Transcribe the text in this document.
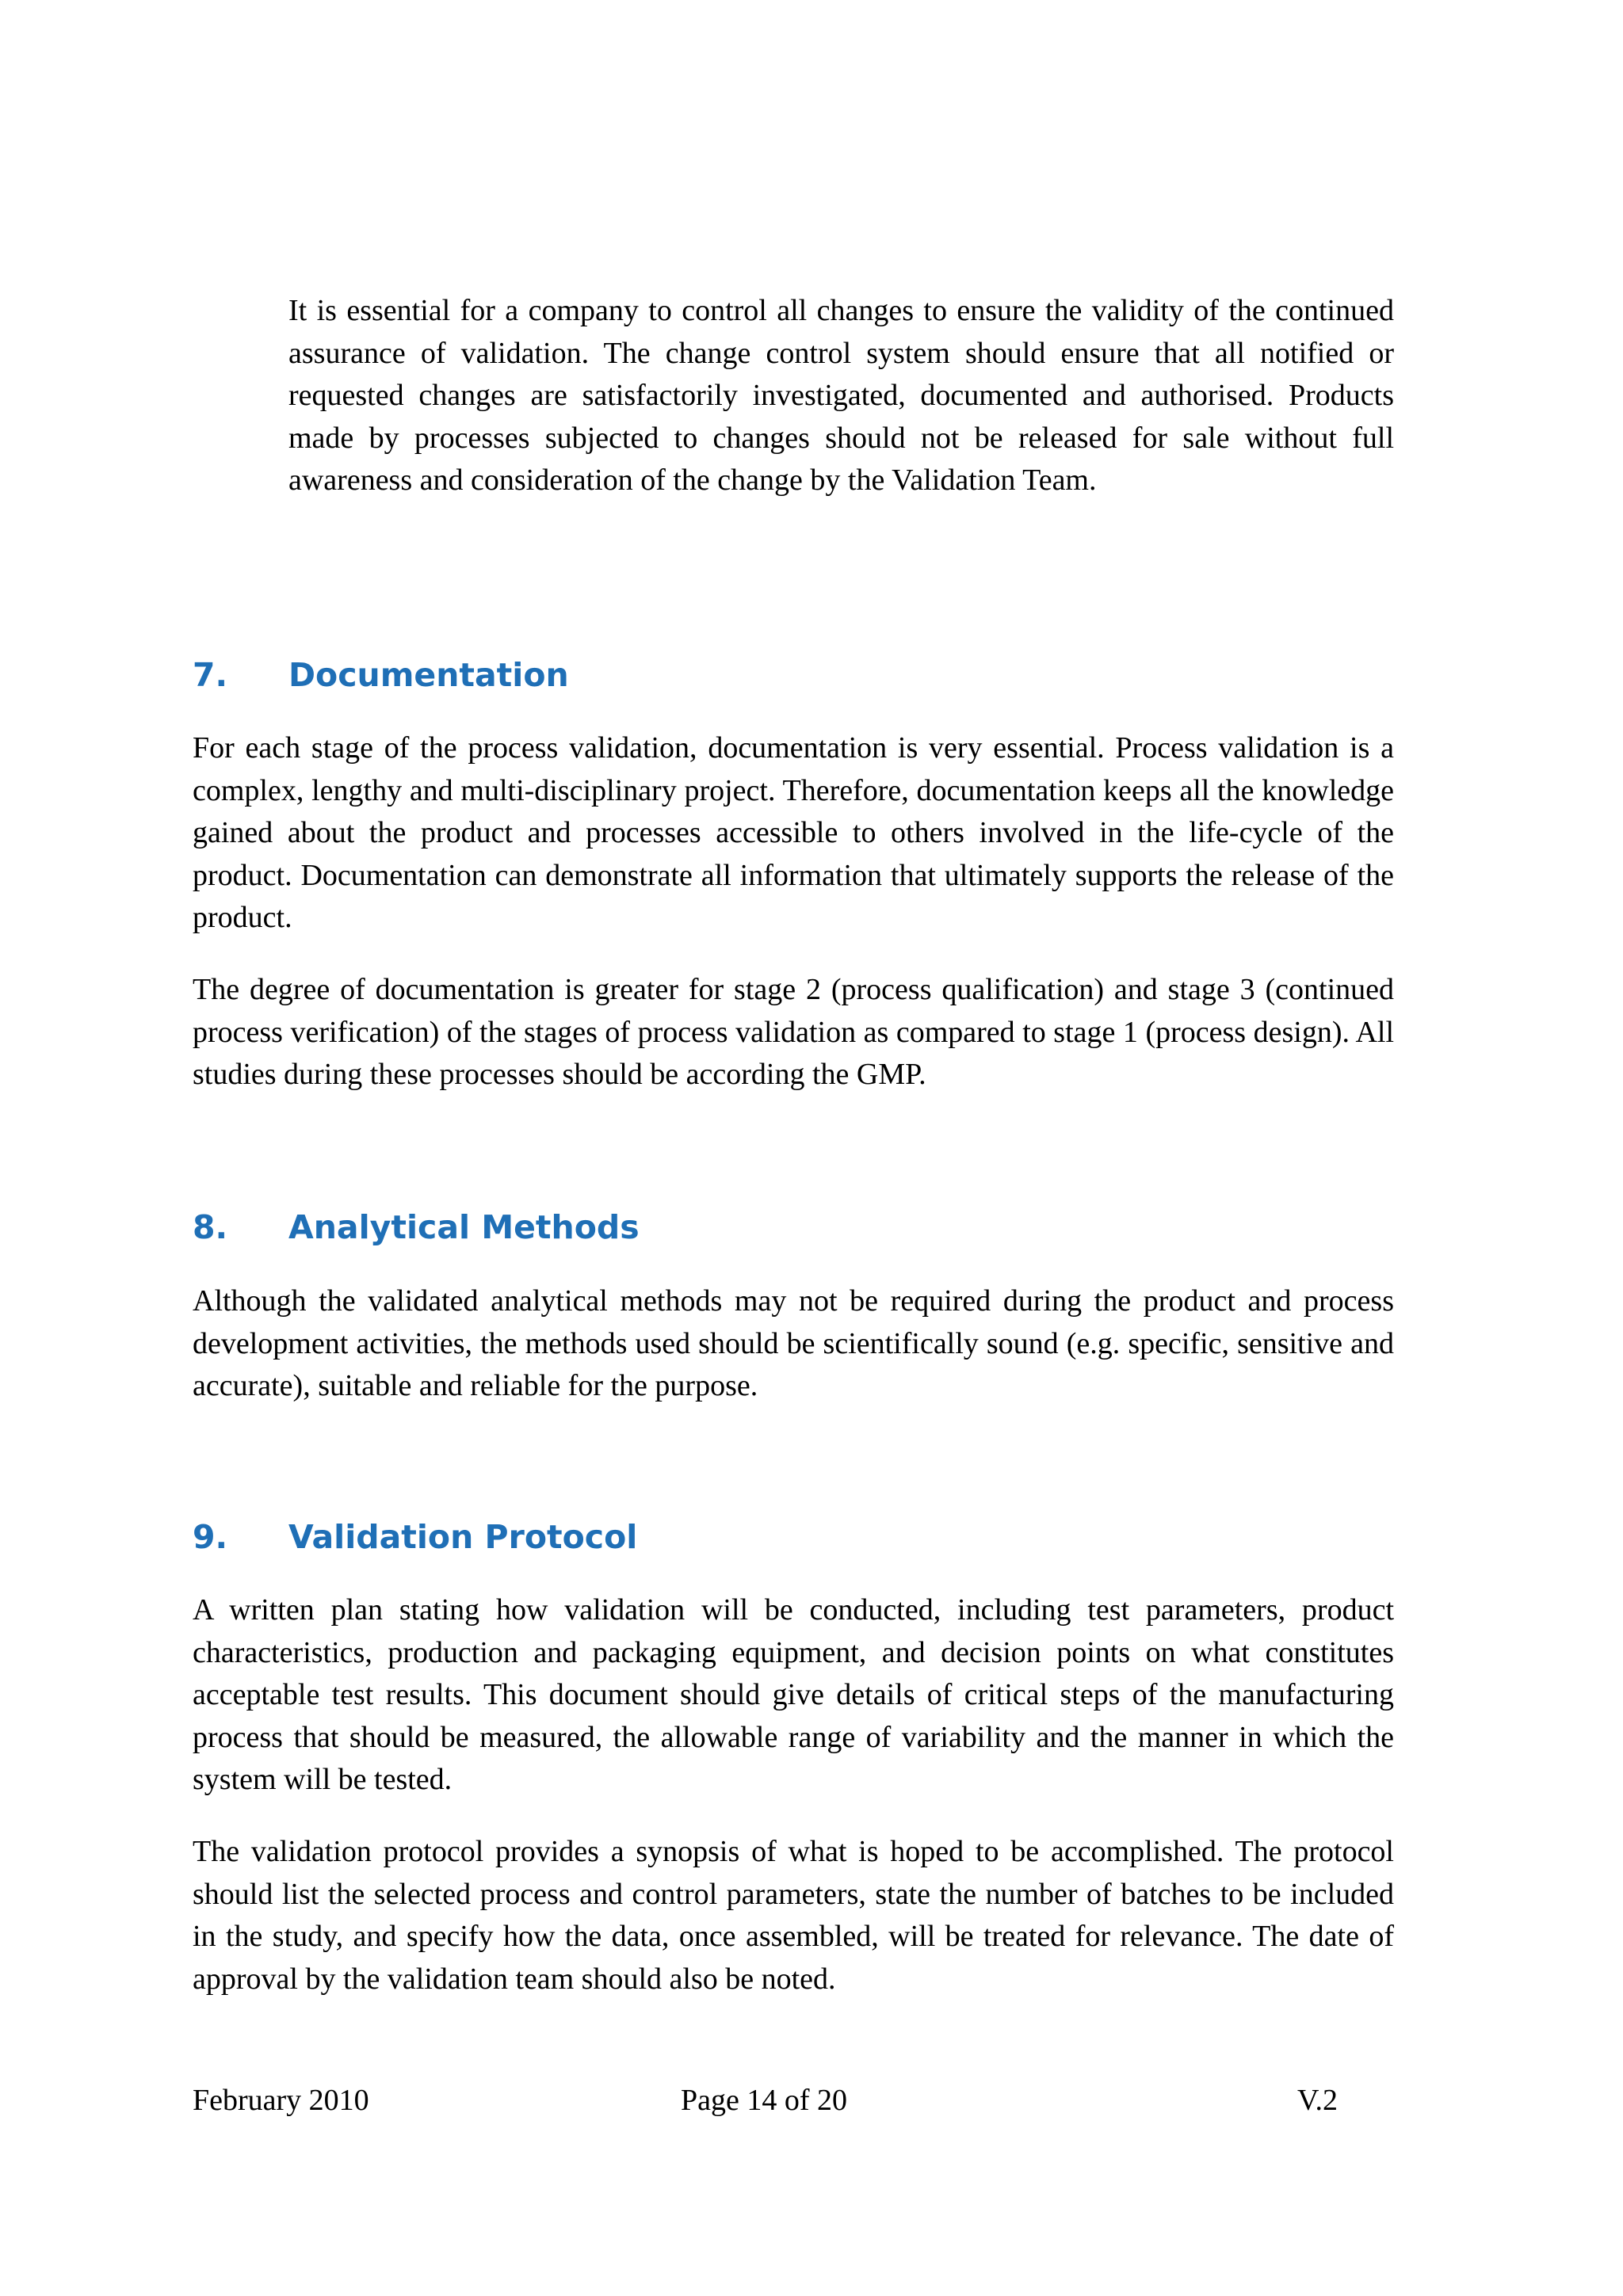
It is essential for a company to control all changes to ensure the validity of the continued assurance of validation. The change control system should ensure that all notified or requested changes are satisfactorily investigated, documented and authorised. Products made by processes subjected to changes should not be released for sale without full awareness and consideration of the change by the Validation Team.

7. Documentation

For each stage of the process validation, documentation is very essential. Process validation is a complex, lengthy and multi-disciplinary project. Therefore, documentation keeps all the knowledge gained about the product and processes accessible to others involved in the life-cycle of the product. Documentation can demonstrate all information that ultimately supports the release of the product.

The degree of documentation is greater for stage 2 (process qualification) and stage 3 (continued process verification) of the stages of process validation as compared to stage 1 (process design). All studies during these processes should be according the GMP.

8. Analytical Methods

Although the validated analytical methods may not be required during the product and process development activities, the methods used should be scientifically sound (e.g. specific, sensitive and accurate), suitable and reliable for the purpose.

9. Validation Protocol

A written plan stating how validation will be conducted, including test parameters, product characteristics, production and packaging equipment, and decision points on what constitutes acceptable test results. This document should give details of critical steps of the manufacturing process that should be measured, the allowable range of variability and the manner in which the system will be tested.

The validation protocol provides a synopsis of what is hoped to be accomplished. The protocol should list the selected process and control parameters, state the number of batches to be included in the study, and specify how the data, once assembled, will be treated for relevance. The date of approval by the validation team should also be noted.

February 2010	Page 14 of 20	V.2
